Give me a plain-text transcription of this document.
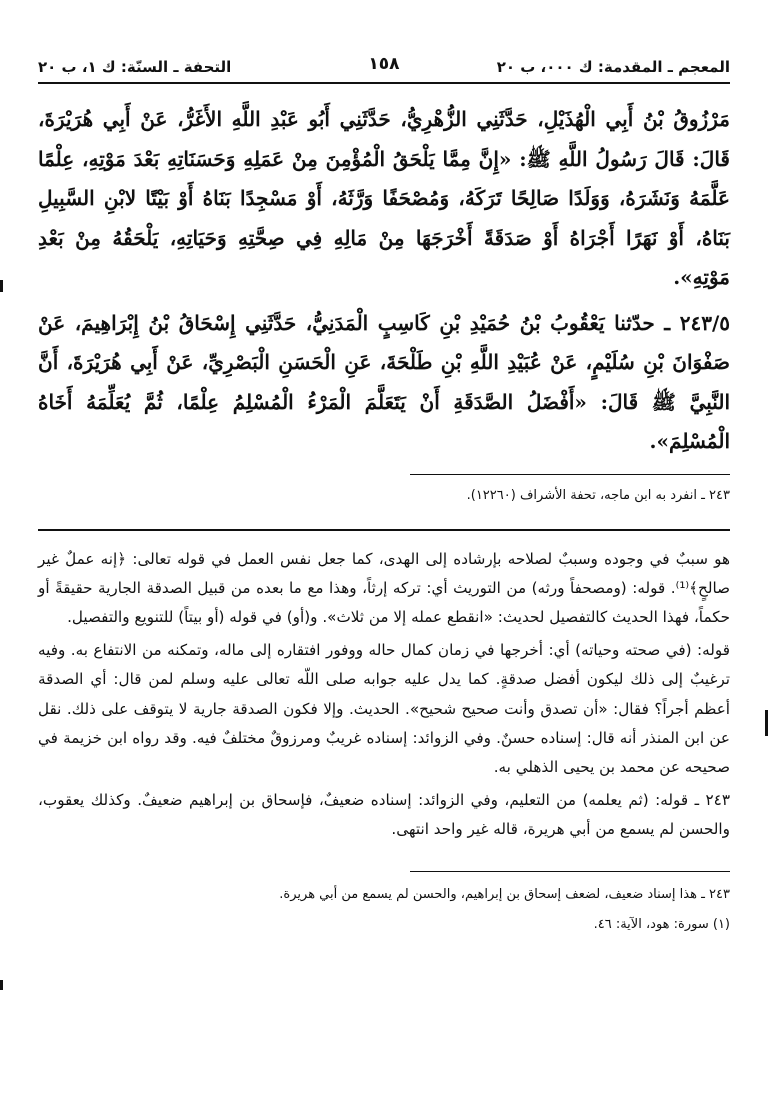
المعجم ـ المقدمة: ك ٠٠٠، ب ٢٠
١٥٨
التحفة ـ السنّة: ك ١، ب ٢٠

مَرْزُوقُ بْنُ أَبِي الْهُذَيْلِ، حَدَّثَنِي الزُّهْرِيُّ، حَدَّثَنِي أَبُو عَبْدِ اللَّهِ الأَغَرُّ، عَنْ أَبِي هُرَيْرَةَ، قَالَ: قَالَ رَسُولُ اللَّهِ ﷺ: «إِنَّ مِمَّا يَلْحَقُ الْمُؤْمِنَ مِنْ عَمَلِهِ وَحَسَنَاتِهِ بَعْدَ مَوْتِهِ، عِلْمًا عَلَّمَهُ وَنَشَرَهُ، وَوَلَدًا صَالِحًا تَرَكَهُ، وَمُصْحَفًا وَرَّثَهُ، أَوْ مَسْجِدًا بَنَاهُ أَوْ بَيْتًا لابْنِ السَّبِيلِ بَنَاهُ، أَوْ نَهَرًا أَجْرَاهُ أَوْ صَدَقَةً أَخْرَجَهَا مِنْ مَالِهِ فِي صِحَّتِهِ وَحَيَاتِهِ، يَلْحَقُهُ مِنْ بَعْدِ مَوْتِهِ».

٢٤٣/٥ ـ حدّثنا يَعْقُوبُ بْنُ حُمَيْدِ بْنِ كَاسِبٍ الْمَدَنِيُّ، حَدَّثَنِي إِسْحَاقُ بْنُ إِبْرَاهِيمَ، عَنْ صَفْوَانَ بْنِ سُلَيْمٍ، عَنْ عُبَيْدِ اللَّهِ بْنِ طَلْحَةَ، عَنِ الْحَسَنِ الْبَصْرِيِّ، عَنْ أَبِي هُرَيْرَةَ، أَنَّ النَّبِيَّ ﷺ قَالَ: «أَفْضَلُ الصَّدَقَةِ أَنْ يَتَعَلَّمَ الْمَرْءُ الْمُسْلِمُ عِلْمًا، ثُمَّ يُعَلِّمَهُ أَخَاهُ الْمُسْلِمَ».

٢٤٣ ـ انفرد به ابن ماجه، تحفة الأشراف (١٢٢٦٠).

هو سببٌ في وجوده وسببٌ لصلاحه بإرشاده إلى الهدى، كما جعل نفس العمل في قوله تعالى: ﴿إنه عملٌ غير صالحٍ﴾⁽¹⁾. قوله: (ومصحفاً ورثه) من التوريث أي: تركه إرثاً، وهذا مع ما بعده من قبيل الصدقة الجارية حقيقةً أو حكماً، فهذا الحديث كالتفصيل لحديث: «انقطع عمله إلا من ثلاث». و(أو) في قوله (أو بيتاً) للتنويع والتفصيل.

قوله: (في صحته وحياته) أي: أخرجها في زمان كمال حاله ووفور افتقاره إلى ماله، وتمكنه من الانتفاع به. وفيه ترغيبٌ إلى ذلك ليكون أفضل صدقةٍ. كما يدل عليه جوابه صلى اللّه تعالى عليه وسلم لمن قال: أي الصدقة أعظم أجراً؟ فقال: «أن تصدق وأنت صحيح شحيح». الحديث. وإلا فكون الصدقة جارية لا يتوقف على ذلك. نقل عن ابن المنذر أنه قال: إسناده حسنٌ. وفي الزوائد: إسناده غريبٌ ومرزوقٌ مختلفٌ فيه. وقد رواه ابن خزيمة في صحيحه عن محمد بن يحيى الذهلي به.

٢٤٣ ـ قوله: (ثم يعلمه) من التعليم، وفي الزوائد: إسناده ضعيفٌ، فإسحاق بن إبراهيم ضعيفٌ. وكذلك يعقوب، والحسن لم يسمع من أبي هريرة، قاله غير واحد انتهى.

٢٤٣ ـ هذا إسناد ضعيف، لضعف إسحاق بن إبراهيم، والحسن لم يسمع من أبي هريرة.
(١) سورة: هود، الآية: ٤٦.
